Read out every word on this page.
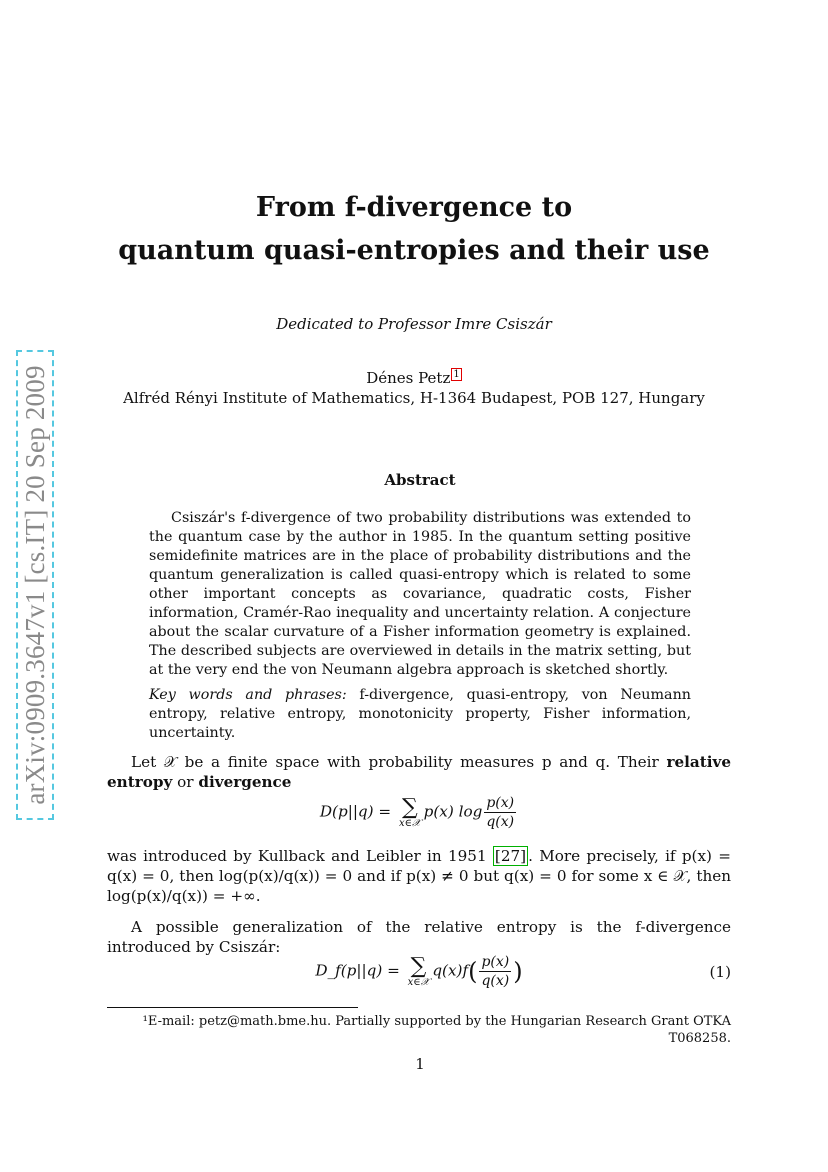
arXiv:0909.3647v1 [cs.IT] 20 Sep 2009
From f-divergence to
quantum quasi-entropies and their use
Dedicated to Professor Imre Csiszár
Dénes Petz 1
Alfréd Rényi Institute of Mathematics, H-1364 Budapest, POB 127, Hungary
Abstract

Csiszár's f-divergence of two probability distributions was extended to the quantum case by the author in 1985. In the quantum setting positive semidefinite matrices are in the place of probability distributions and the quantum generalization is called quasi-entropy which is related to some other important concepts as covariance, quadratic costs, Fisher information, Cramér-Rao inequality and uncertainty relation. A conjecture about the scalar curvature of a Fisher information geometry is explained. The described subjects are overviewed in details in the matrix setting, but at the very end the von Neumann algebra approach is sketched shortly.

Key words and phrases: f-divergence, quasi-entropy, von Neumann entropy, relative entropy, monotonicity property, Fisher information, uncertainty.

Let 𝒳 be a finite space with probability measures p and q. Their relative entropy or divergence

D(p||q) = ∑
x∈𝒳
p(x) $\log \frac{p(x)}{q(x)}$

was introduced by Kullback and Leibler in 1951 [27] . More precisely, if p(x) = q(x) = 0, then log(p(x)/q(x)) = 0 and if p(x) ≠ 0 but q(x) = 0 for some x ∈ 𝒳, then log(p(x)/q(x)) = +∞.

A possible generalization of the relative entropy is the f-divergence introduced by Csiszár:

D_f(p||q) = ∑
x∈𝒳
$q(x)f( \frac{p(x)}{q(x)}$ )	(1)
¹E-mail: petz@math.bme.hu. Partially supported by the Hungarian Research Grant OTKA T068258.
1
